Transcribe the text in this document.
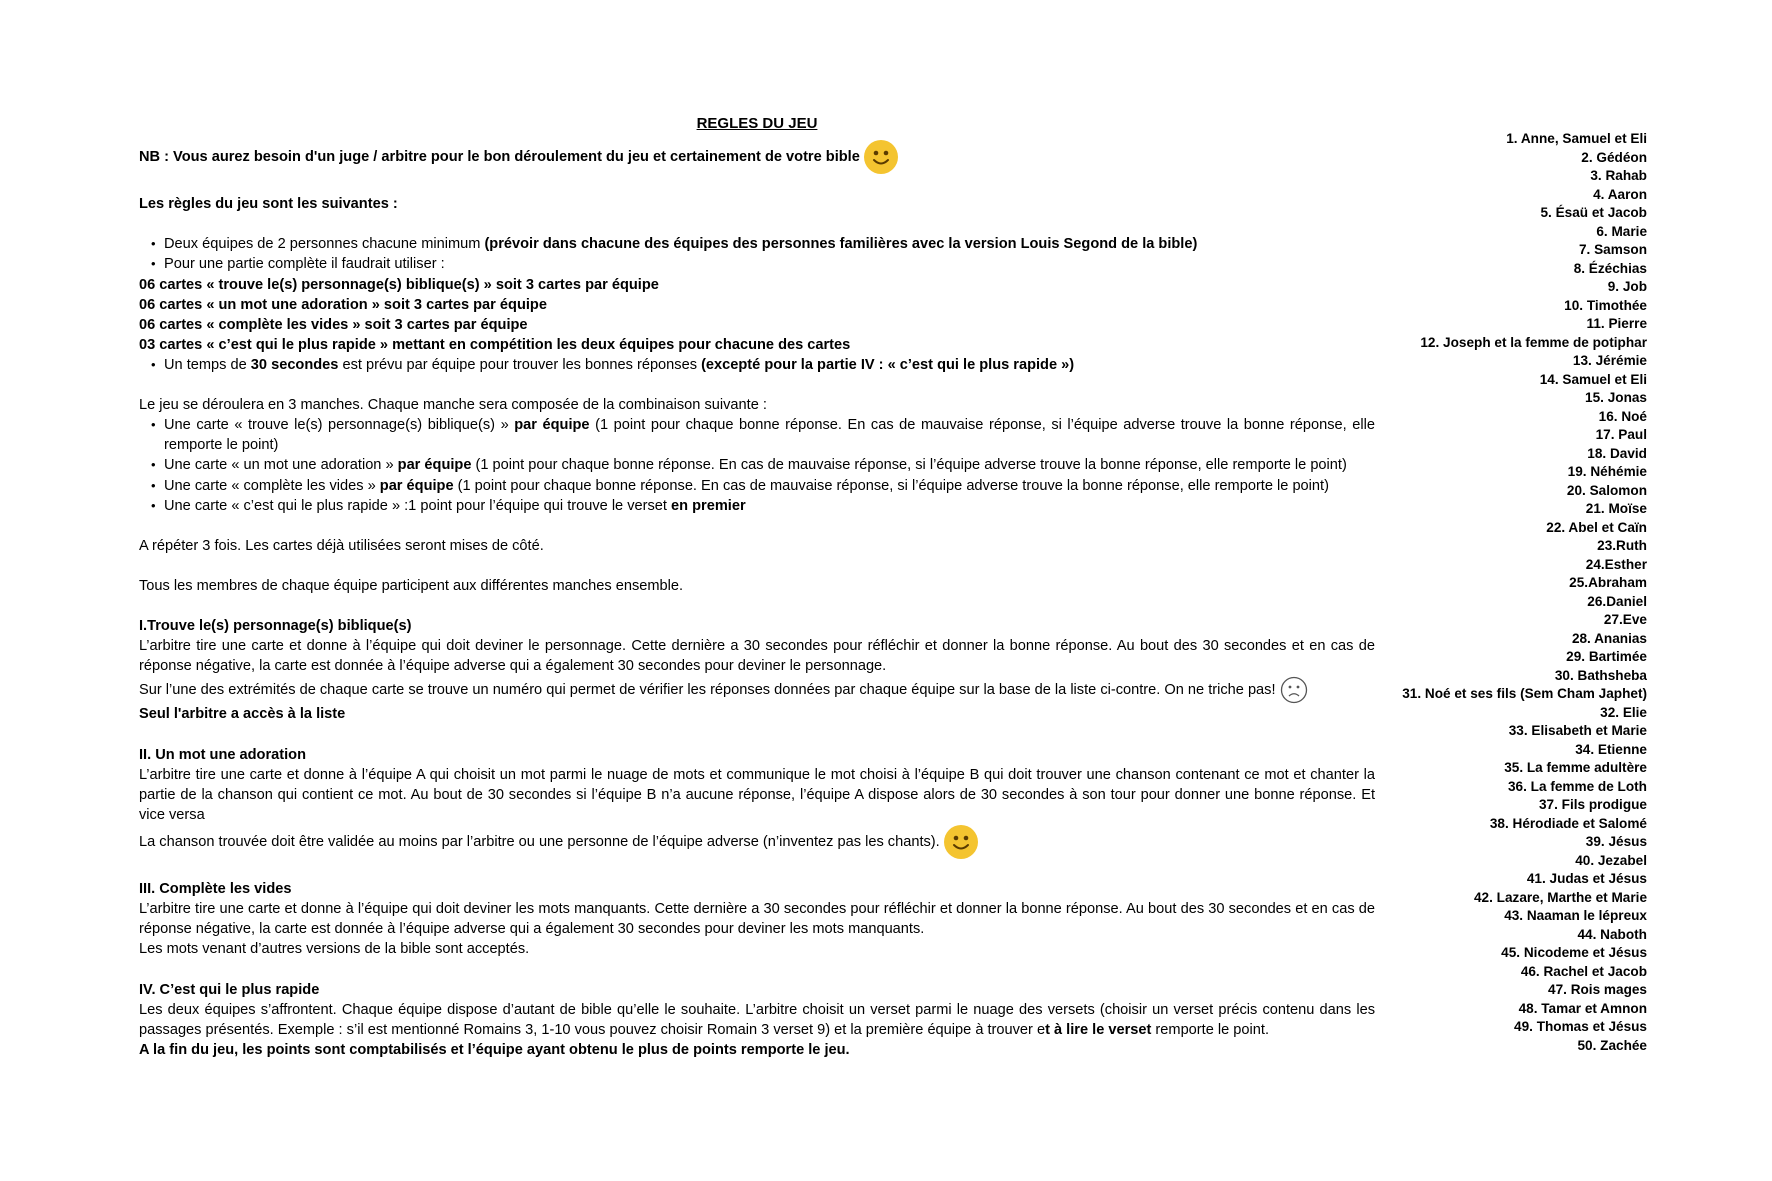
REGLES DU JEU

NB : Vous aurez besoin d'un juge / arbitre pour le bon déroulement du jeu et certainement de votre bible

Les règles du jeu sont les suivantes :

• Deux équipes de 2 personnes chacune minimum (prévoir dans chacune des équipes des personnes familières avec la version Louis Segond de la bible)
• Pour une partie complète il faudrait utiliser :

06 cartes « trouve le(s) personnage(s) biblique(s) » soit 3 cartes par équipe

06 cartes « un mot une adoration » soit 3 cartes par équipe

06 cartes « complète les vides » soit 3 cartes par équipe

03 cartes « c’est qui le plus rapide » mettant en compétition les deux équipes pour chacune des cartes

• Un temps de 30 secondes est prévu par équipe pour trouver les bonnes réponses (excepté pour la partie IV : « c’est qui le plus rapide »)

Le jeu se déroulera en 3 manches. Chaque manche sera composée de la combinaison suivante :

• Une carte « trouve le(s) personnage(s) biblique(s) » par équipe (1 point pour chaque bonne réponse. En cas de mauvaise réponse, si l’équipe adverse trouve la bonne réponse, elle remporte le point)
• Une carte « un mot une adoration » par équipe (1 point pour chaque bonne réponse. En cas de mauvaise réponse, si l’équipe adverse trouve la bonne réponse, elle remporte le point)
• Une carte « complète les vides » par équipe (1 point pour chaque bonne réponse. En cas de mauvaise réponse, si l’équipe adverse trouve la bonne réponse, elle remporte le point)
• Une carte « c’est qui le plus rapide » :1 point pour l’équipe qui trouve le verset en premier

A répéter 3 fois. Les cartes déjà utilisées seront mises de côté.

Tous les membres de chaque équipe participent aux différentes manches ensemble.

I.Trouve le(s) personnage(s) biblique(s)

L’arbitre tire une carte et donne à l’équipe qui doit deviner le personnage. Cette dernière a 30 secondes pour réfléchir et donner la bonne réponse. Au bout des 30 secondes et en cas de réponse négative, la carte est donnée à l’équipe adverse qui a également 30 secondes pour deviner le personnage.

Sur l’une des extrémités de chaque carte se trouve un numéro qui permet de vérifier les réponses données par chaque équipe sur la base de la liste ci-contre. On ne triche pas!

Seul l'arbitre a accès à la liste

II. Un mot une adoration

L’arbitre tire une carte et donne à l’équipe A qui choisit un mot parmi le nuage de mots et communique le mot choisi à l’équipe B qui doit trouver une chanson contenant ce mot et chanter la partie de la chanson qui contient ce mot. Au bout de 30 secondes si l’équipe B n’a aucune réponse, l’équipe A dispose alors de 30 secondes à son tour pour donner une bonne réponse. Et vice versa

La chanson trouvée doit être validée au moins par l’arbitre ou une personne de l’équipe adverse (n’inventez pas les chants).

III. Complète les vides

L’arbitre tire une carte et donne à l’équipe qui doit deviner les mots manquants. Cette dernière a 30 secondes pour réfléchir et donner la bonne réponse. Au bout des 30 secondes et en cas de réponse négative, la carte est donnée à l’équipe adverse qui a également 30 secondes pour deviner les mots manquants.

Les mots venant d’autres versions de la bible sont acceptés.

IV. C’est qui le plus rapide

Les deux équipes s’affrontent. Chaque équipe dispose d’autant de bible qu’elle le souhaite. L’arbitre choisit un verset parmi le nuage des versets (choisir un verset précis contenu dans les passages présentés. Exemple : s’il est mentionné Romains 3, 1-10 vous pouvez choisir Romain 3 verset 9) et la première équipe à trouver et à lire le verset remporte le point.

A la fin du jeu, les points sont comptabilisés et l’équipe ayant obtenu le plus de points remporte le jeu.

1. Anne, Samuel et Eli
2. Gédéon
3. Rahab
4. Aaron
5. Ésaü et Jacob
6. Marie
7. Samson
8. Ézéchias
9. Job
10. Timothée
11. Pierre
12. Joseph et la femme de potiphar
13. Jérémie
14. Samuel et Eli
15. Jonas
16. Noé
17. Paul
18. David
19. Néhémie
20. Salomon
21. Moïse
22. Abel et Caïn
23.Ruth
24.Esther
25.Abraham
26.Daniel
27.Eve
28. Ananias
29. Bartimée
30. Bathsheba
31. Noé et ses fils (Sem Cham Japhet)
32. Elie
33. Elisabeth et Marie
34. Etienne
35. La femme adultère
36. La femme de Loth
37. Fils prodigue
38. Hérodiade et Salomé
39. Jésus
40. Jezabel
41. Judas et Jésus
42. Lazare, Marthe et Marie
43. Naaman le lépreux
44. Naboth
45. Nicodeme et Jésus
46. Rachel et Jacob
47. Rois mages
48. Tamar et Amnon
49. Thomas et Jésus
50. Zachée
